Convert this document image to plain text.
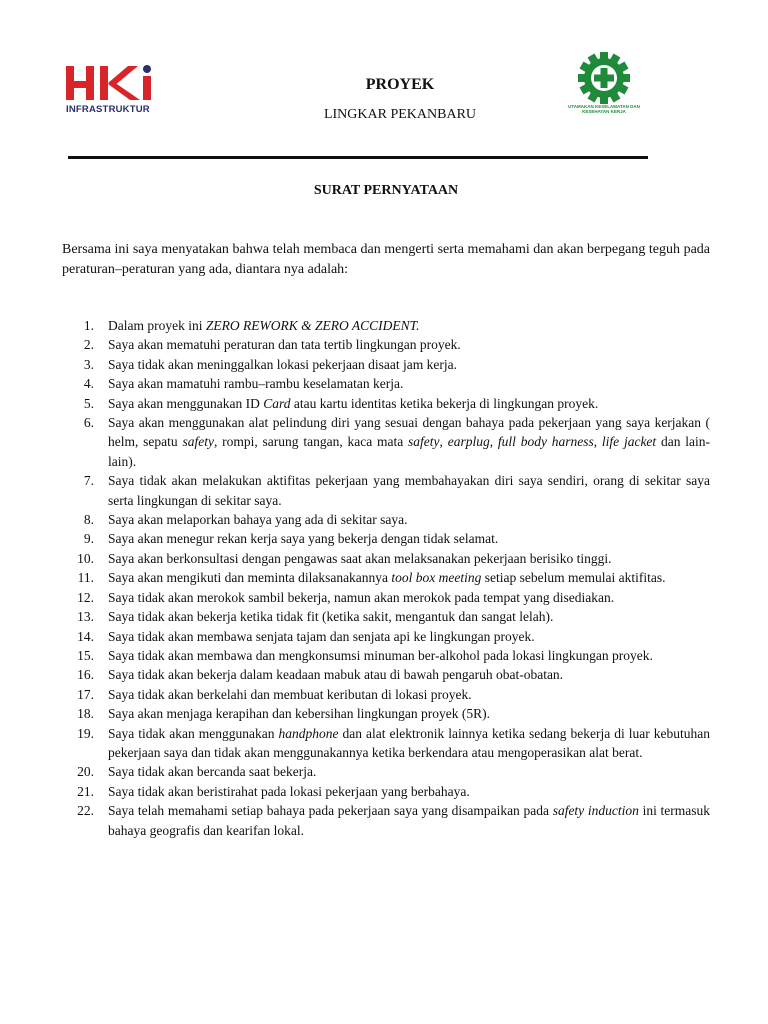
INFRASTRUKTUR
PROYEK
LINGKAR PEKANBARU
UTAMAKAN KESELAMATAN DAN KESEHATAN KERJA
SURAT PERNYATAAN
Bersama ini saya menyatakan bahwa telah membaca dan mengerti serta memahami dan akan berpegang teguh pada peraturan–peraturan yang ada, diantara nya adalah:
1. Dalam proyek ini ZERO REWORK & ZERO ACCIDENT.
2. Saya akan mematuhi peraturan dan tata tertib lingkungan proyek.
3. Saya tidak akan meninggalkan lokasi pekerjaan disaat jam kerja.
4. Saya akan mamatuhi rambu–rambu keselamatan kerja.
5. Saya akan menggunakan ID Card atau kartu identitas ketika bekerja di lingkungan proyek.
6. Saya akan menggunakan alat pelindung diri yang sesuai dengan bahaya pada pekerjaan yang saya kerjakan ( helm, sepatu safety, rompi, sarung tangan, kaca mata safety, earplug, full body harness, life jacket dan lain-lain).
7. Saya tidak akan melakukan aktifitas pekerjaan yang membahayakan diri saya sendiri, orang di sekitar saya serta lingkungan di sekitar saya.
8. Saya akan melaporkan bahaya yang ada di sekitar saya.
9. Saya akan menegur rekan kerja saya yang bekerja dengan tidak selamat.
10. Saya akan berkonsultasi dengan pengawas saat akan melaksanakan pekerjaan berisiko tinggi.
11. Saya akan mengikuti dan meminta dilaksanakannya tool box meeting setiap sebelum memulai aktifitas.
12. Saya tidak akan merokok sambil bekerja, namun akan merokok pada tempat yang disediakan.
13. Saya tidak akan bekerja ketika tidak fit (ketika sakit, mengantuk dan sangat lelah).
14. Saya tidak akan membawa senjata tajam dan senjata api ke lingkungan proyek.
15. Saya tidak akan membawa dan mengkonsumsi minuman ber-alkohol pada lokasi lingkungan proyek.
16. Saya tidak akan bekerja dalam keadaan mabuk atau di bawah pengaruh obat-obatan.
17. Saya tidak akan berkelahi dan membuat keributan di lokasi proyek.
18. Saya akan menjaga kerapihan dan kebersihan lingkungan proyek (5R).
19. Saya tidak akan menggunakan handphone dan alat elektronik lainnya ketika sedang bekerja di luar kebutuhan pekerjaan saya dan tidak akan menggunakannya ketika berkendara atau mengoperasikan alat berat.
20. Saya tidak akan bercanda saat bekerja.
21. Saya tidak akan beristirahat pada lokasi pekerjaan yang berbahaya.
22. Saya telah memahami setiap bahaya pada pekerjaan saya yang disampaikan pada safety induction ini termasuk bahaya geografis dan kearifan lokal.
